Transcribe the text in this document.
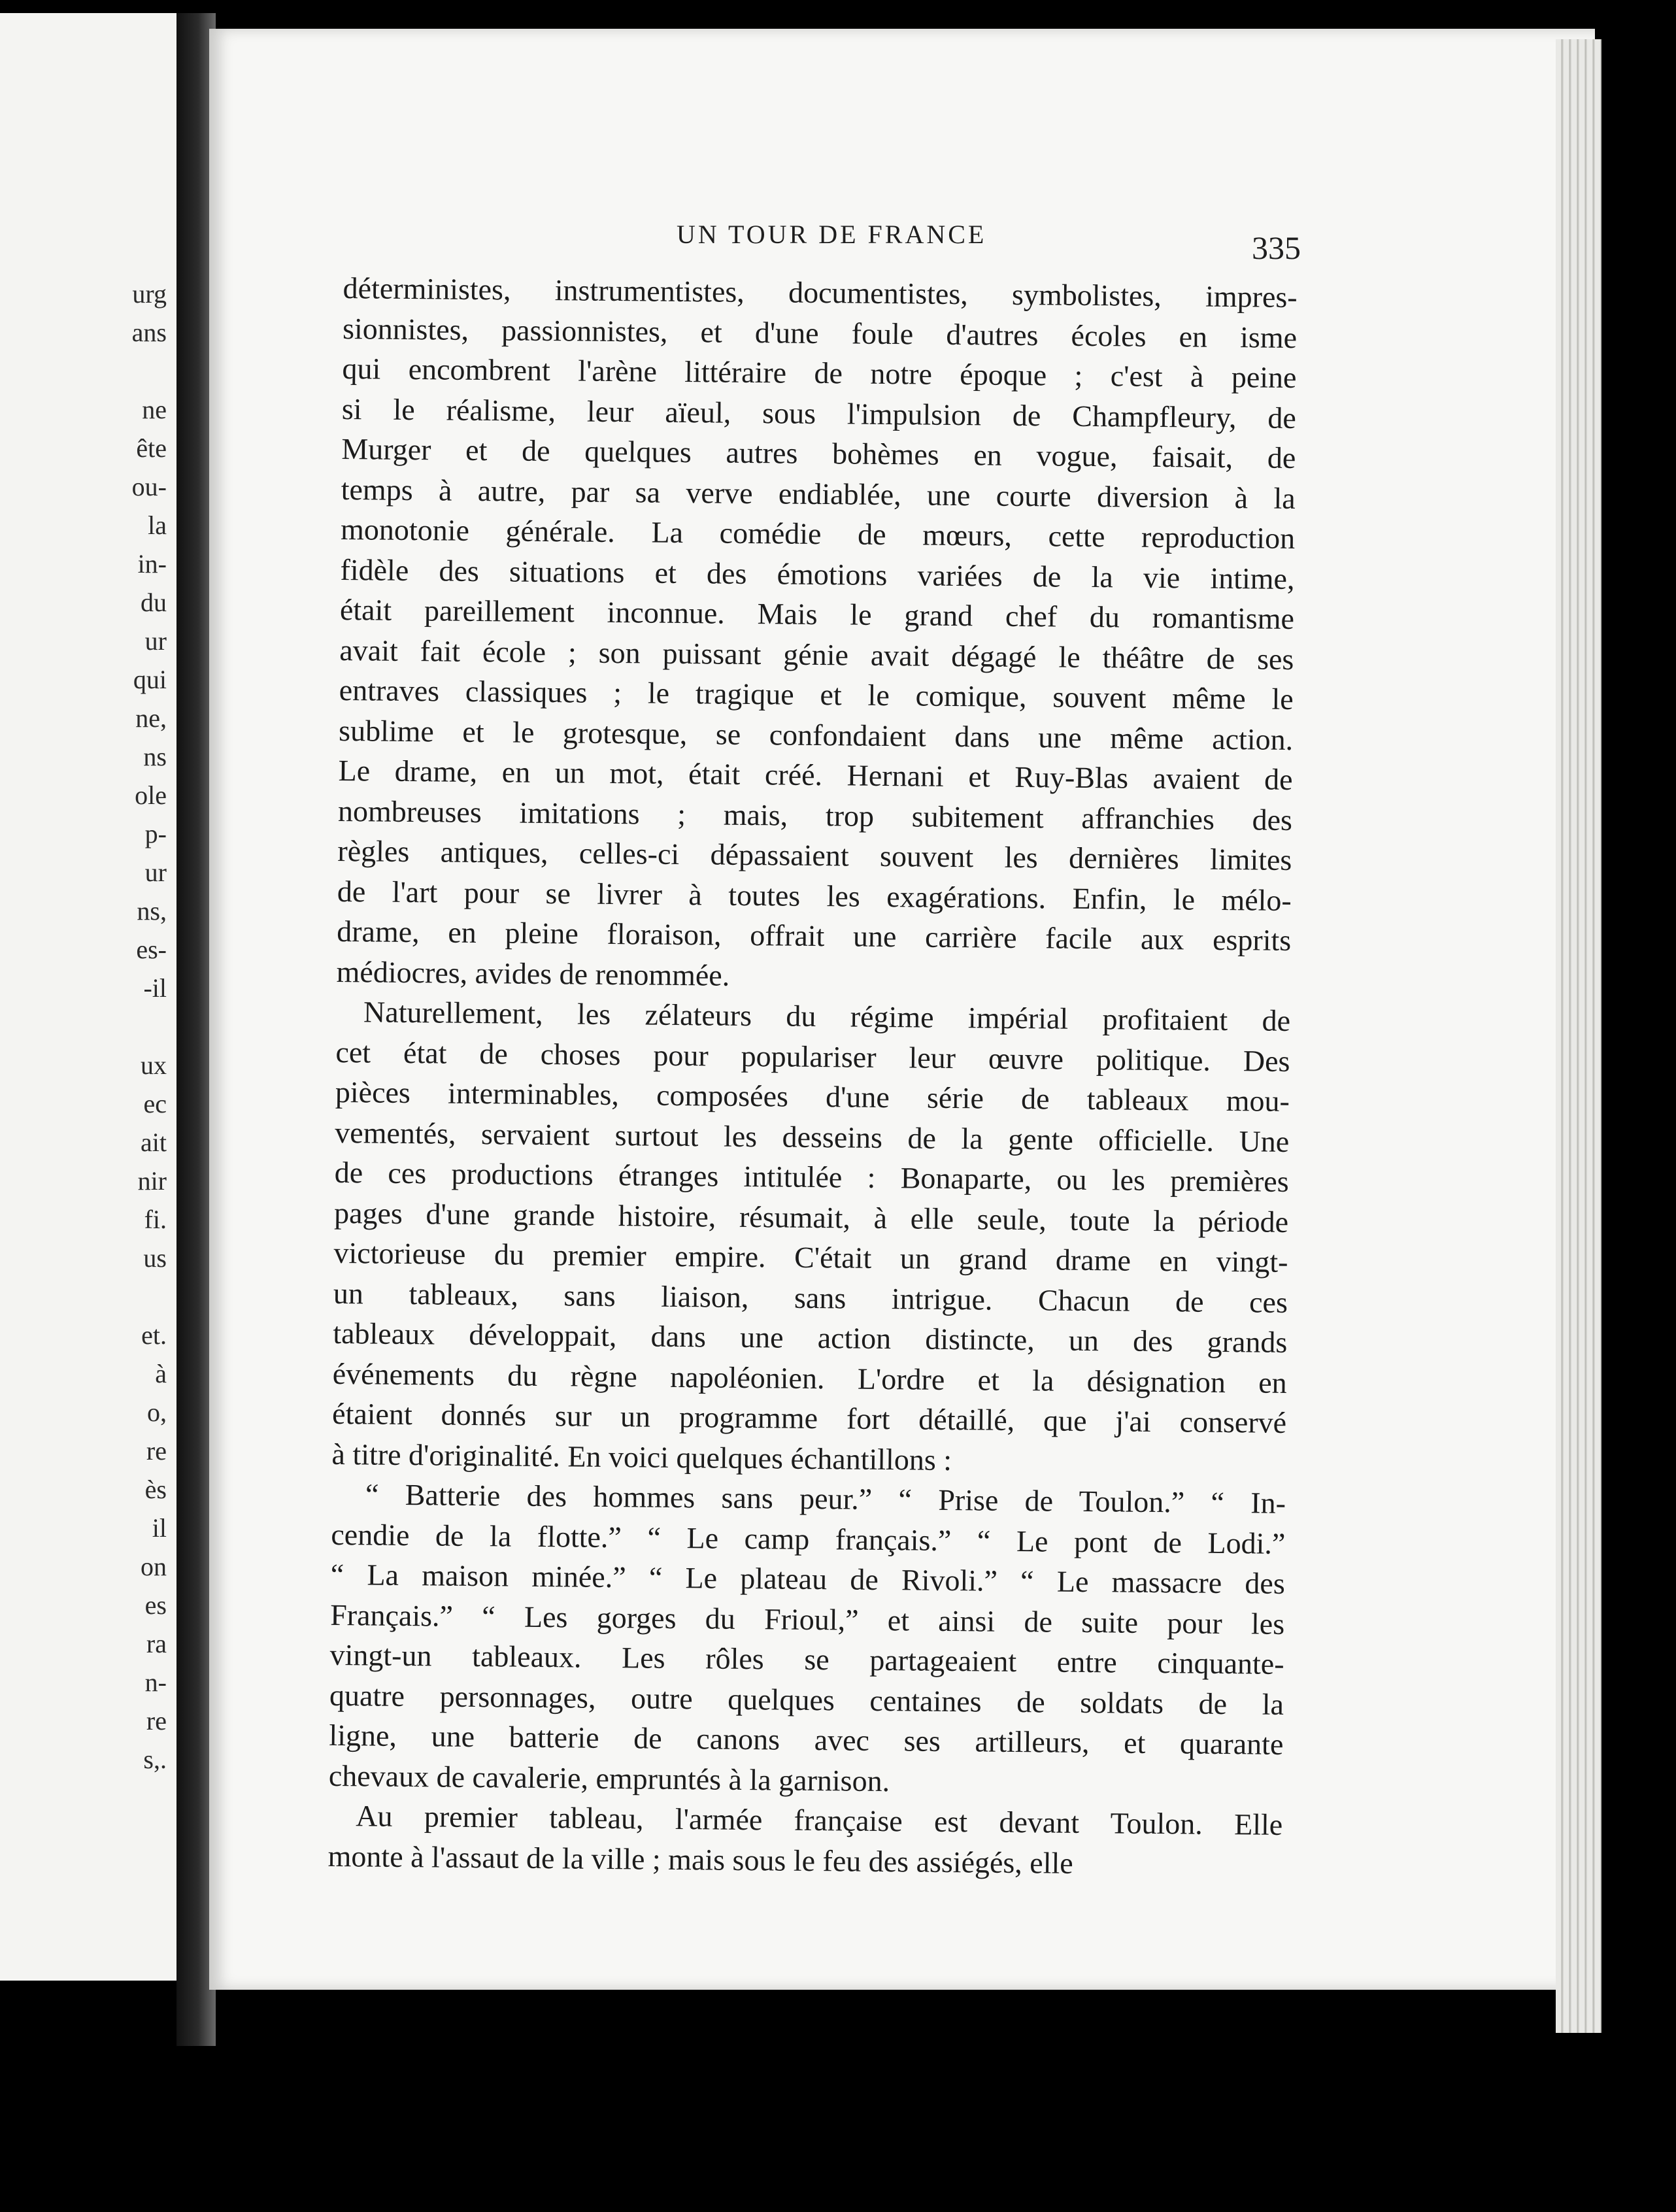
urg
ans

ne
ête
ou-
la
in-
du
ur
qui
ne,
ns
ole
p-
ur
ns,
es-
-il

ux
ec
ait
nir
fi.
us

et.
à
o,
re
ès
il
on
es
ra
n-
re
s,.
UN TOUR DE FRANCE	335
déterministes, instrumentistes, documentistes, symbolistes, impres-
sionnistes, passionnistes, et d'une foule d'autres écoles en isme
qui encombrent l'arène littéraire de notre époque ; c'est à peine
si le réalisme, leur aïeul, sous l'impulsion de Champfleury, de
Murger et de quelques autres bohèmes en vogue, faisait, de
temps à autre, par sa verve endiablée, une courte diversion à la
monotonie générale. La comédie de mœurs, cette reproduction
fidèle des situations et des émotions variées de la vie intime,
était pareillement inconnue. Mais le grand chef du romantisme
avait fait école ; son puissant génie avait dégagé le théâtre de ses
entraves classiques ; le tragique et le comique, souvent même le
sublime et le grotesque, se confondaient dans une même action.
Le drame, en un mot, était créé. Hernani et Ruy-Blas avaient de
nombreuses imitations ; mais, trop subitement affranchies des
règles antiques, celles-ci dépassaient souvent les dernières limites
de l'art pour se livrer à toutes les exagérations. Enfin, le mélo-
drame, en pleine floraison, offrait une carrière facile aux esprits
médiocres, avides de renommée.
Naturellement, les zélateurs du régime impérial profitaient de
cet état de choses pour populariser leur œuvre politique. Des
pièces interminables, composées d'une série de tableaux mou-
vementés, servaient surtout les desseins de la gente officielle. Une
de ces productions étranges intitulée : Bonaparte, ou les premières
pages d'une grande histoire, résumait, à elle seule, toute la période
victorieuse du premier empire. C'était un grand drame en vingt-
un tableaux, sans liaison, sans intrigue. Chacun de ces
tableaux développait, dans une action distincte, un des grands
événements du règne napoléonien. L'ordre et la désignation en
étaient donnés sur un programme fort détaillé, que j'ai conservé
à titre d'originalité. En voici quelques échantillons :
“ Batterie des hommes sans peur.” “ Prise de Toulon.” “ In-
cendie de la flotte.” “ Le camp français.” “ Le pont de Lodi.”
“ La maison minée.” “ Le plateau de Rivoli.” “ Le massacre des
Français.” “ Les gorges du Frioul,” et ainsi de suite pour les
vingt-un tableaux. Les rôles se partageaient entre cinquante-
quatre personnages, outre quelques centaines de soldats de la
ligne, une batterie de canons avec ses artilleurs, et quarante
chevaux de cavalerie, empruntés à la garnison.
Au premier tableau, l'armée française est devant Toulon. Elle
monte à l'assaut de la ville ; mais sous le feu des assiégés, elle
